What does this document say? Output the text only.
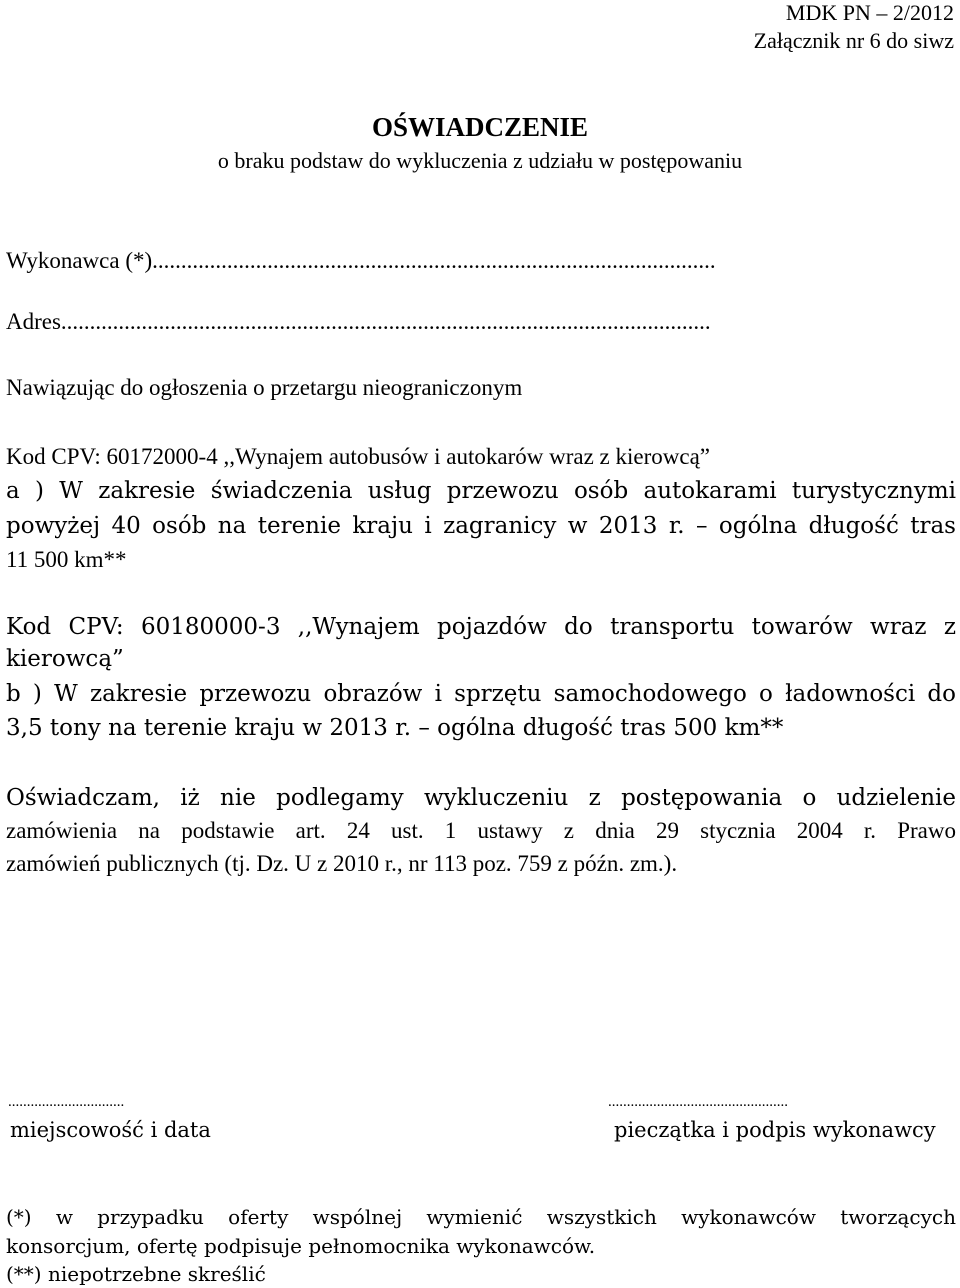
MDK PN – 2/2012
Załącznik nr 6 do siwz
OŚWIADCZENIE
o braku podstaw do wykluczenia z udziału w postępowaniu
Wykonawca (*)..................................................................................................
Adres.................................................................................................................
Nawiązując do ogłoszenia o przetargu nieograniczonym
Kod CPV: 60172000-4 ,,Wynajem autobusów i autokarów wraz z kierowcą”
a ) W zakresie świadczenia usług przewozu osób autokarami turystycznymi
powyżej 40 osób na terenie kraju i zagranicy w 2013 r. – ogólna długość tras
11 500 km**
Kod CPV: 60180000-3 ,,Wynajem pojazdów do transportu towarów wraz z
kierowcą”
b ) W zakresie przewozu obrazów i sprzętu samochodowego o ładowności do
3,5 tony na terenie kraju w 2013 r. – ogólna długość tras 500 km**
Oświadczam, iż nie podlegamy wykluczeniu z postępowania o udzielenie
zamówienia na podstawie art. 24 ust. 1 ustawy z dnia 29 stycznia 2004 r. Prawo
zamówień publicznych (tj. Dz. U z 2010 r., nr 113 poz. 759 z późn. zm.).
...............................
miejscowość i data
................................................
pieczątka i podpis wykonawcy
(*) w przypadku oferty wspólnej wymienić wszystkich wykonawców tworzących
konsorcjum, ofertę podpisuje pełnomocnika wykonawców.
(**) niepotrzebne skreślić
